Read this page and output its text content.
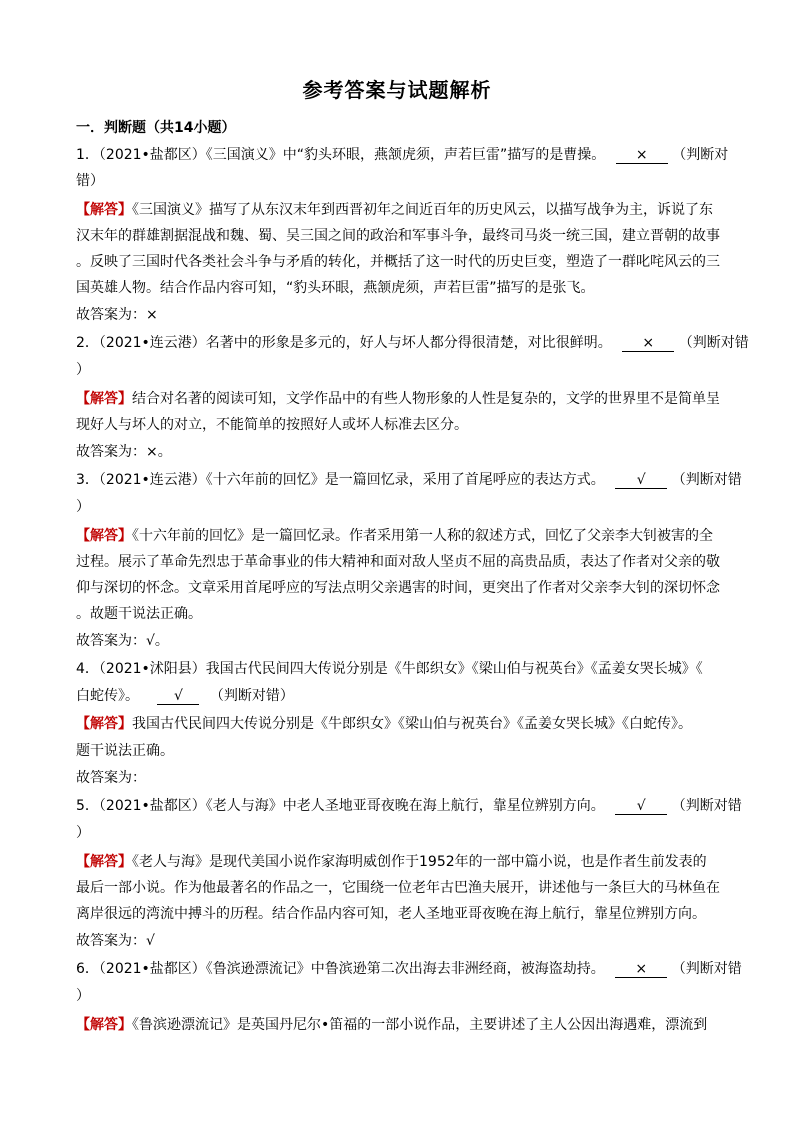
参考答案与试题解析
一．判断题（共14小题）
1．（2021•盐都区）《三国演义》中“豹头环眼，燕颔虎须，声若巨雷”描写的是曹操。 × （判断对
错）
【解答】《三国演义》描写了从东汉末年到西晋初年之间近百年的历史风云，以描写战争为主，诉说了东
汉末年的群雄割据混战和魏、蜀、吴三国之间的政治和军事斗争，最终司马炎一统三国，建立晋朝的故事
。反映了三国时代各类社会斗争与矛盾的转化，并概括了这一时代的历史巨变，塑造了一群叱咤风云的三
国英雄人物。结合作品内容可知，“豹头环眼，燕颔虎须，声若巨雷”描写的是张飞。
故答案为：×
2．（2021•连云港）名著中的形象是多元的，好人与坏人都分得很清楚，对比很鲜明。 × （判断对错
）
【解答】结合对名著的阅读可知，文学作品中的有些人物形象的人性是复杂的，文学的世界里不是简单呈
现好人与坏人的对立，不能简单的按照好人或坏人标准去区分。
故答案为：×。
3．（2021•连云港）《十六年前的回忆》是一篇回忆录，采用了首尾呼应的表达方式。 √ （判断对错
）
【解答】《十六年前的回忆》是一篇回忆录。作者采用第一人称的叙述方式，回忆了父亲李大钊被害的全
过程。展示了革命先烈忠于革命事业的伟大精神和面对敌人坚贞不屈的高贵品质，表达了作者对父亲的敬
仰与深切的怀念。文章采用首尾呼应的写法点明父亲遇害的时间，更突出了作者对父亲李大钊的深切怀念
。故题干说法正确。
故答案为：√。
4．（2021•沭阳县）我国古代民间四大传说分别是《牛郎织女》《梁山伯与祝英台》《孟姜女哭长城》《
白蛇传》。 √ （判断对错）
【解答】我国古代民间四大传说分别是《牛郎织女》《梁山伯与祝英台》《孟姜女哭长城》《白蛇传》。
题干说法正确。
故答案为：
5．（2021•盐都区）《老人与海》中老人圣地亚哥夜晚在海上航行，靠星位辨别方向。 √ （判断对错
）
【解答】《老人与海》是现代美国小说作家海明威创作于1952年的一部中篇小说，也是作者生前发表的
最后一部小说。作为他最著名的作品之一，它围绕一位老年古巴渔夫展开，讲述他与一条巨大的马林鱼在
离岸很远的湾流中搏斗的历程。结合作品内容可知，老人圣地亚哥夜晚在海上航行，靠星位辨别方向。
故答案为：√
6．（2021•盐都区）《鲁滨逊漂流记》中鲁滨逊第二次出海去非洲经商，被海盗劫持。 × （判断对错
）
【解答】《鲁滨逊漂流记》是英国丹尼尔•笛福的一部小说作品，主要讲述了主人公因出海遇难，漂流到
